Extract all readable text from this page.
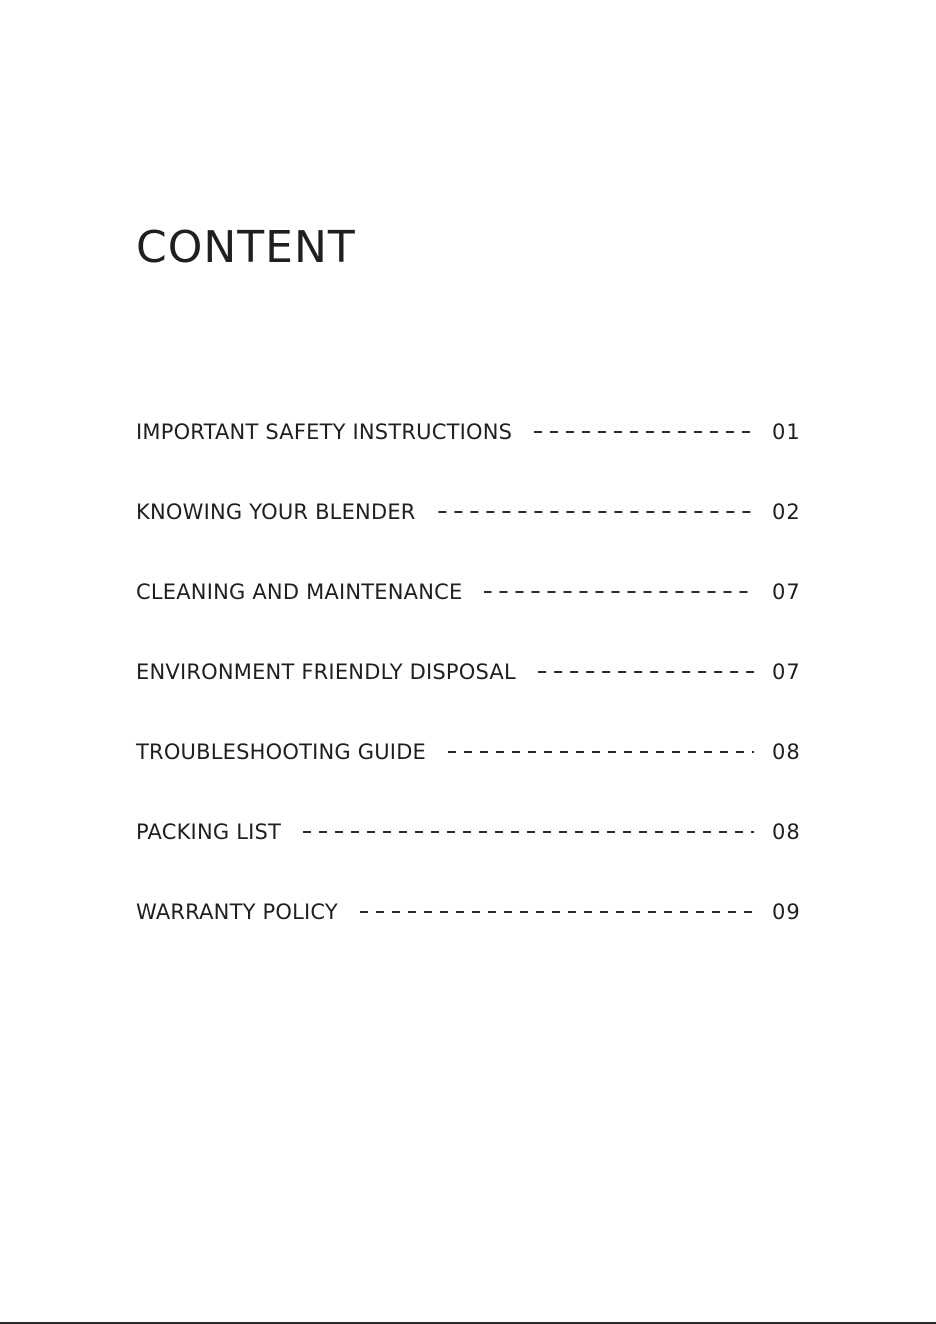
CONTENT
IMPORTANT SAFETY INSTRUCTIONS	01
KNOWING YOUR BLENDER	02
CLEANING AND MAINTENANCE	07
ENVIRONMENT FRIENDLY DISPOSAL	07
TROUBLESHOOTING GUIDE	08
PACKING LIST	08
WARRANTY POLICY	09
